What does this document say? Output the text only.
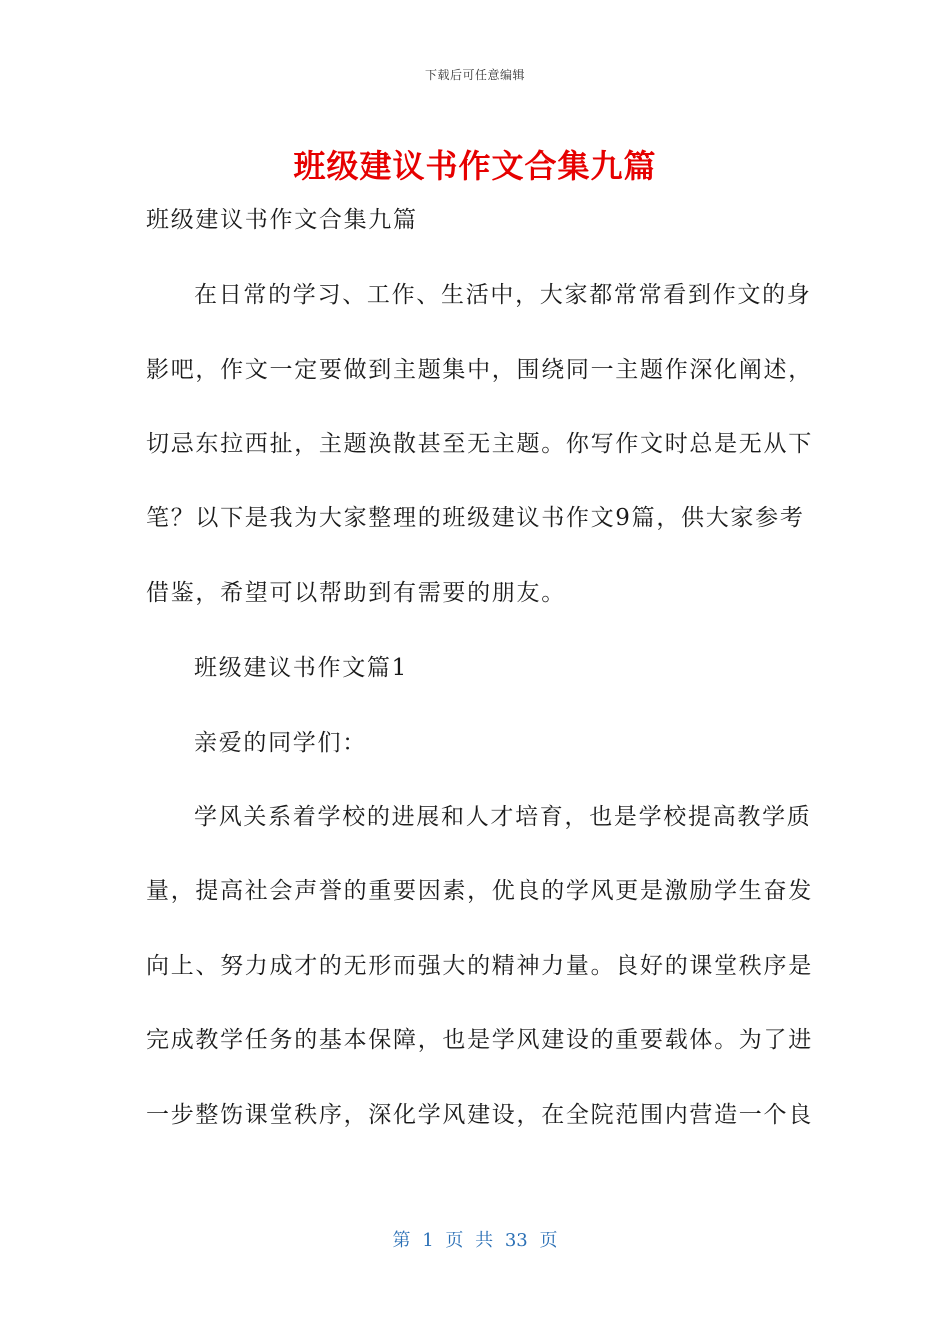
下载后可任意编辑
班级建议书作文合集九篇
班级建议书作文合集九篇
在日常的学习、工作、生活中，大家都常常看到作文的身
影吧，作文一定要做到主题集中，围绕同一主题作深化阐述，
切忌东拉西扯，主题涣散甚至无主题。你写作文时总是无从下
笔？以下是我为大家整理的班级建议书作文9篇，供大家参考
借鉴，希望可以帮助到有需要的朋友。
班级建议书作文篇1
亲爱的同学们：
学风关系着学校的进展和人才培育，也是学校提高教学质
量，提高社会声誉的重要因素，优良的学风更是激励学生奋发
向上、努力成才的无形而强大的精神力量。良好的课堂秩序是
完成教学任务的基本保障，也是学风建设的重要载体。为了进
一步整饬课堂秩序，深化学风建设，在全院范围内营造一个良
第 1 页 共 33 页
